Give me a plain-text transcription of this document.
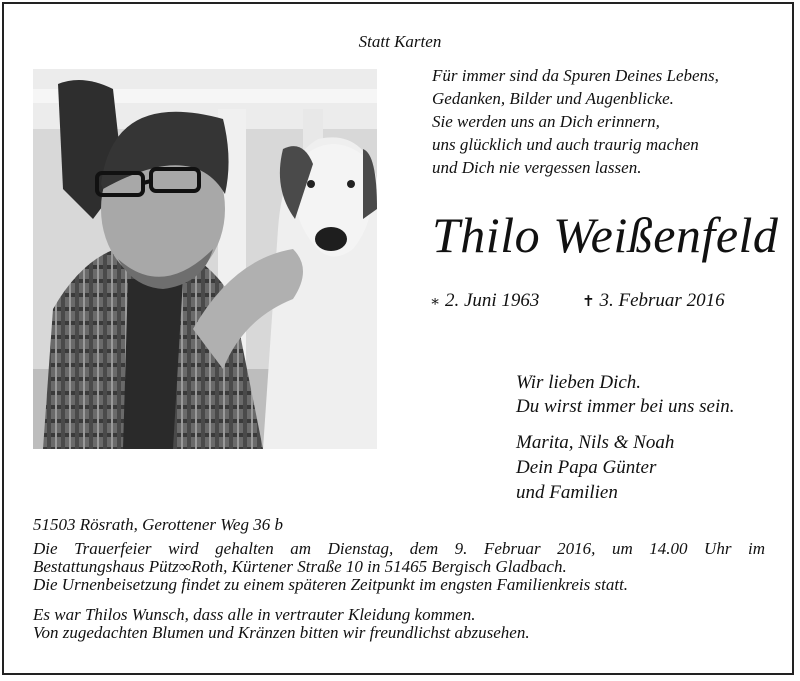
Statt Karten
Für immer sind da Spuren Deines Lebens,
Gedanken, Bilder und Augenblicke.
Sie werden uns an Dich erinnern,
uns glücklich und auch traurig machen
und Dich nie vergessen lassen.
Thilo Weißenfeld
∗ 2. Juni 1963	✝ 3. Februar 2016
Wir lieben Dich.
Du wirst immer bei uns sein.
Marita, Nils & Noah
Dein Papa Günter
und Familien
51503 Rösrath, Gerottener Weg 36 b
Die Trauerfeier wird gehalten am Dienstag, dem 9. Februar 2016, um 14.00 Uhr im
Bestattungshaus Pütz∞Roth, Kürtener Straße 10 in 51465 Bergisch Gladbach.
Die Urnenbeisetzung findet zu einem späteren Zeitpunkt im engsten Familienkreis statt.
Es war Thilos Wunsch, dass alle in vertrauter Kleidung kommen.
Von zugedachten Blumen und Kränzen bitten wir freundlichst abzusehen.
